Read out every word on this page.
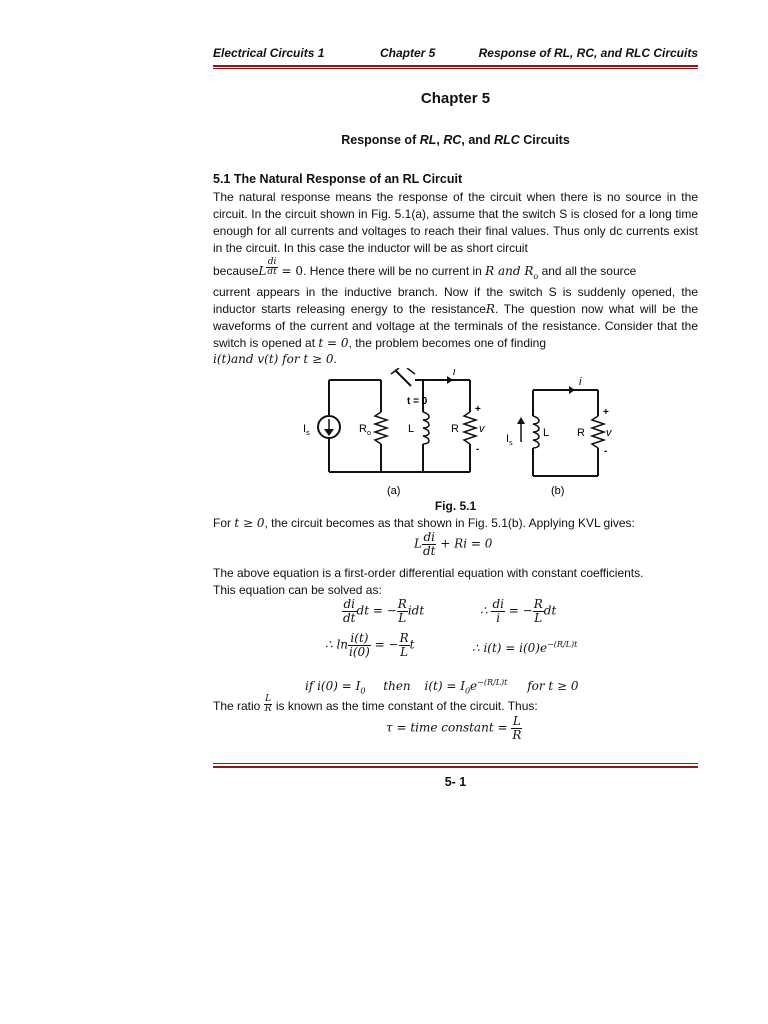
Electrical Circuits 1	Chapter 5	Response of RL, RC, and RLC Circuits
Chapter 5
Response of RL, RC, and RLC Circuits
5.1 The Natural Response of an RL Circuit
The natural response means the response of the circuit when there is no source in the circuit. In the circuit shown in Fig. 5.1(a), assume that the switch S is closed for a long time enough for all currents and voltages to reach their final values. Thus only dc currents exist in the circuit. In this case the inductor will be as short circuit
becauseL $\frac{di}{dt} = 0$. Hence there will be no current in R and $R_o$ and all the source
current appears in the inductive branch. Now if the switch S is suddenly opened, the inductor starts releasing energy to the resistanceR. The question now what will be the waveforms of the current and voltage at the terminals of the resistance. Consider that the switch is opened at t = 0, the problem becomes one of finding
i(t)and v(t) for t ≥ 0.
t = 0
$I_s$	$R_o$	L	R v
+
-
i
(a)
$I_s$
L	R v
+
-
i
(b)
Fig. 5.1
For t ≥ 0, the circuit becomes as that shown in Fig. 5.1(b). Applying KVL gives:
L $\frac{di}{dt} + Ri = 0$
The above equation is a first-order differential equation with constant coefficients.
This equation can be solved as:
$\frac{di}{dt}$ dt = − $\frac{R}{L}$ idt	∴ $\frac{di}{i}$ = − $\frac{R}{L}$ dt
∴ $\ln \frac{i(t)}{i(0)}$ = − $\frac{R}{L}$ t	∴ $i(t) = i(0)e^{-(R/L)t}$
if $i(0) = I_0$ then $i(t) = I_0e^{-(R/L)t}$ for t ≥ 0
The ratio $\frac{L}{R}$ is known as the time constant of the circuit. Thus:
τ = time constant = $\frac{L}{R}$
5- 1
